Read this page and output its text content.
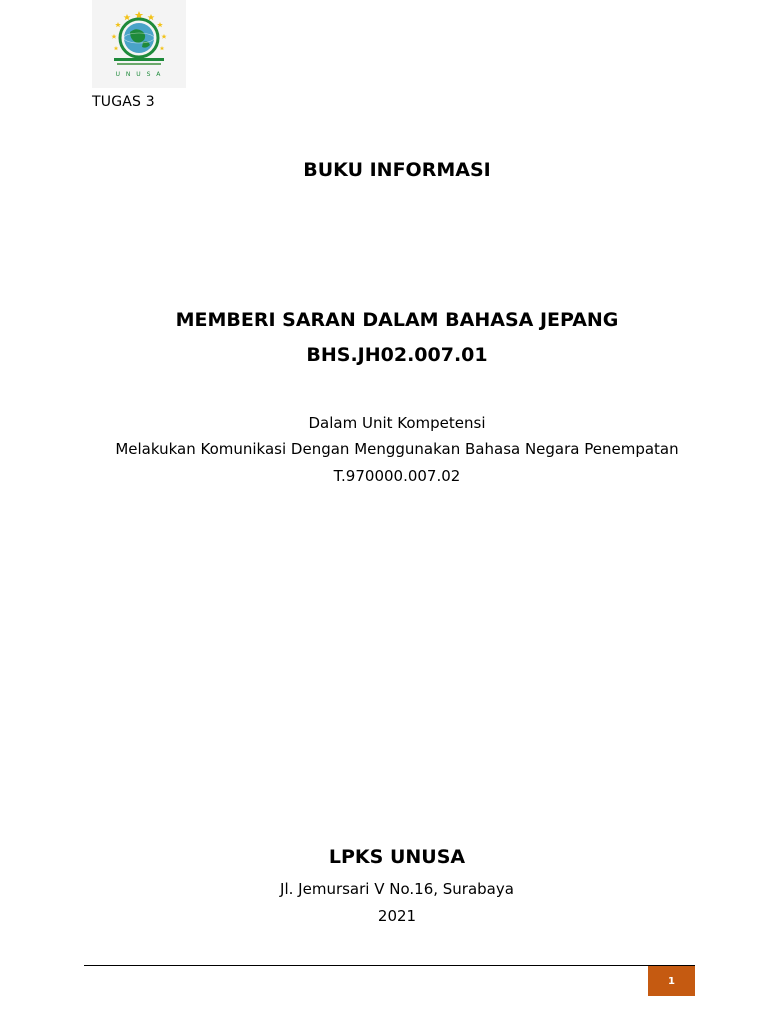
U N U S A
TUGAS 3
BUKU INFORMASI
MEMBERI SARAN DALAM BAHASA JEPANG
BHS.JH02.007.01
Dalam Unit Kompetensi
Melakukan Komunikasi Dengan Menggunakan Bahasa Negara Penempatan
T.970000.007.02
LPKS UNUSA
Jl. Jemursari V No.16, Surabaya
2021
1
